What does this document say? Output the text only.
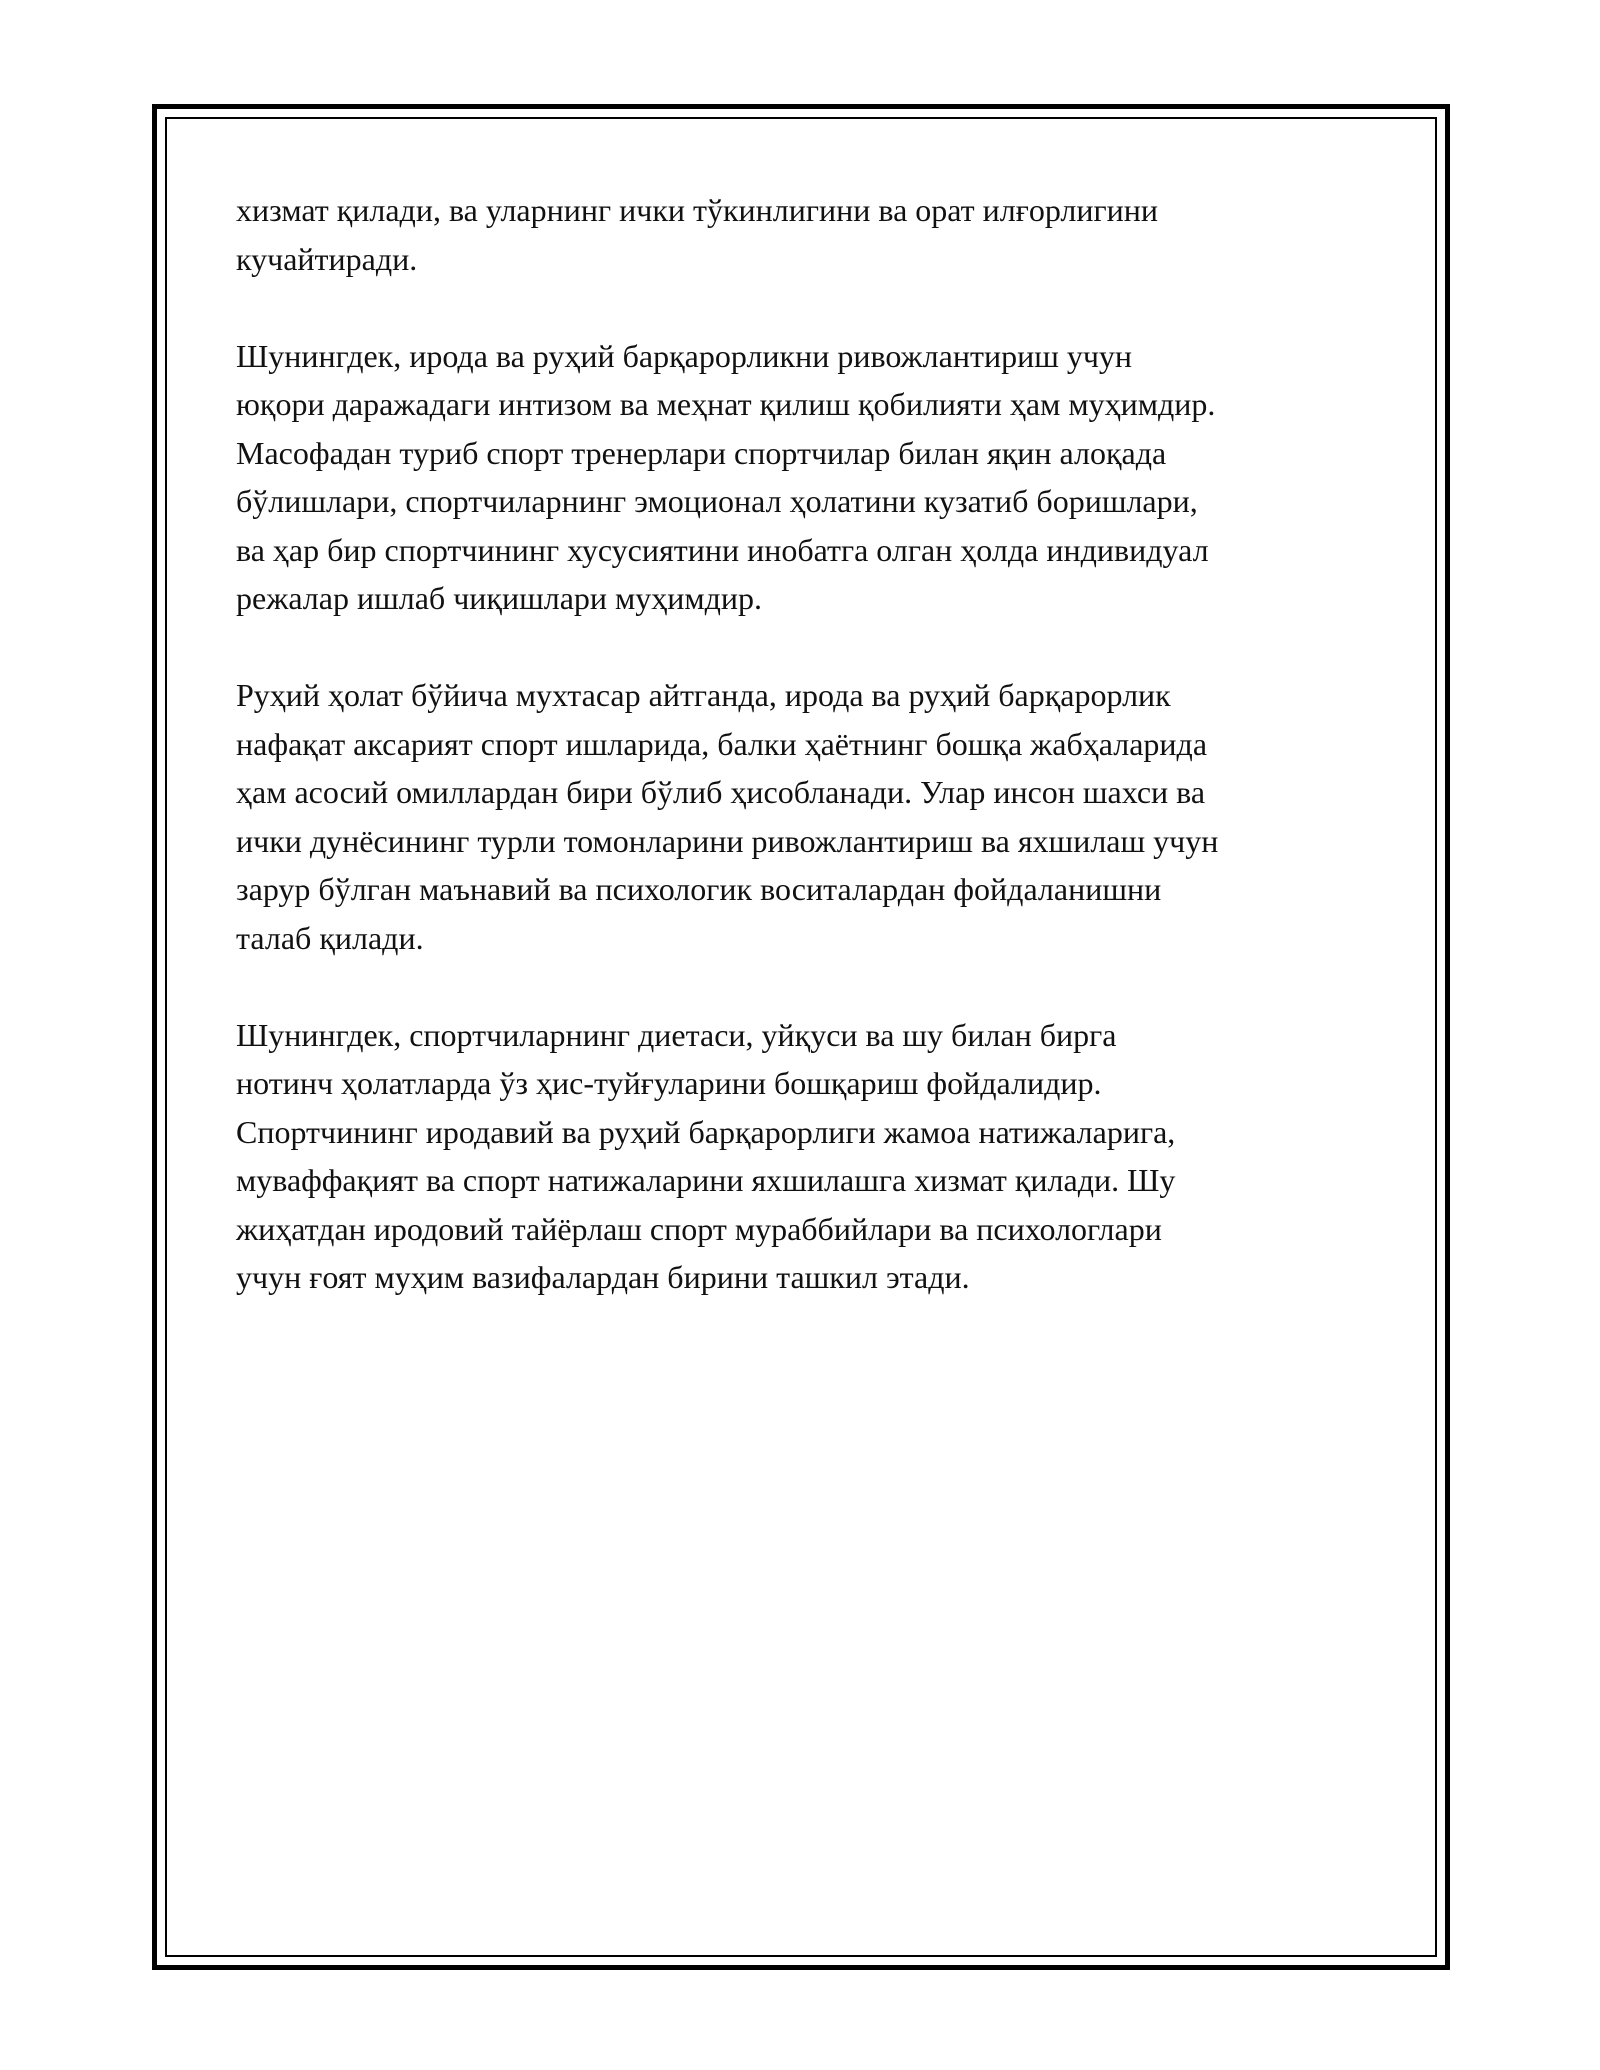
хизмат қилади, ва уларнинг ички тўкинлигини ва орат илғорлигини
кучайтиради.

Шунингдек, ирода ва руҳий барқарорликни ривожлантириш учун
юқори даражадаги интизом ва меҳнат қилиш қобилияти ҳам муҳимдир.
Масофадан туриб спорт тренерлари спортчилар билан яқин алоқада
бўлишлари, спортчиларнинг эмоционал ҳолатини кузатиб боришлари,
ва ҳар бир спортчининг хусусиятини инобатга олган ҳолда индивидуал
режалар ишлаб чиқишлари муҳимдир.

Руҳий ҳолат бўйича мухтасар айтганда, ирода ва руҳий барқарорлик
нафақат аксарият спорт ишларида, балки ҳаётнинг бошқа жабҳаларида
ҳам асосий омиллардан бири бўлиб ҳисобланади. Улар инсон шахси ва
ички дунёсининг турли томонларини ривожлантириш ва яхшилаш учун
зарур бўлган маънавий ва психологик воситалардан фойдаланишни
талаб қилади.

Шунингдек, спортчиларнинг диетаси, уйқуси ва шу билан бирга
нотинч ҳолатларда ўз ҳис-туйғуларини бошқариш фойдалидир.
Спортчининг иродавий ва руҳий барқарорлиги жамоа натижаларига,
муваффақият ва спорт натижаларини яхшилашга хизмат қилади. Шу
жиҳатдан иродовий тайёрлаш спорт мураббийлари ва психологлари
учун ғоят муҳим вазифалардан бирини ташкил этади.
